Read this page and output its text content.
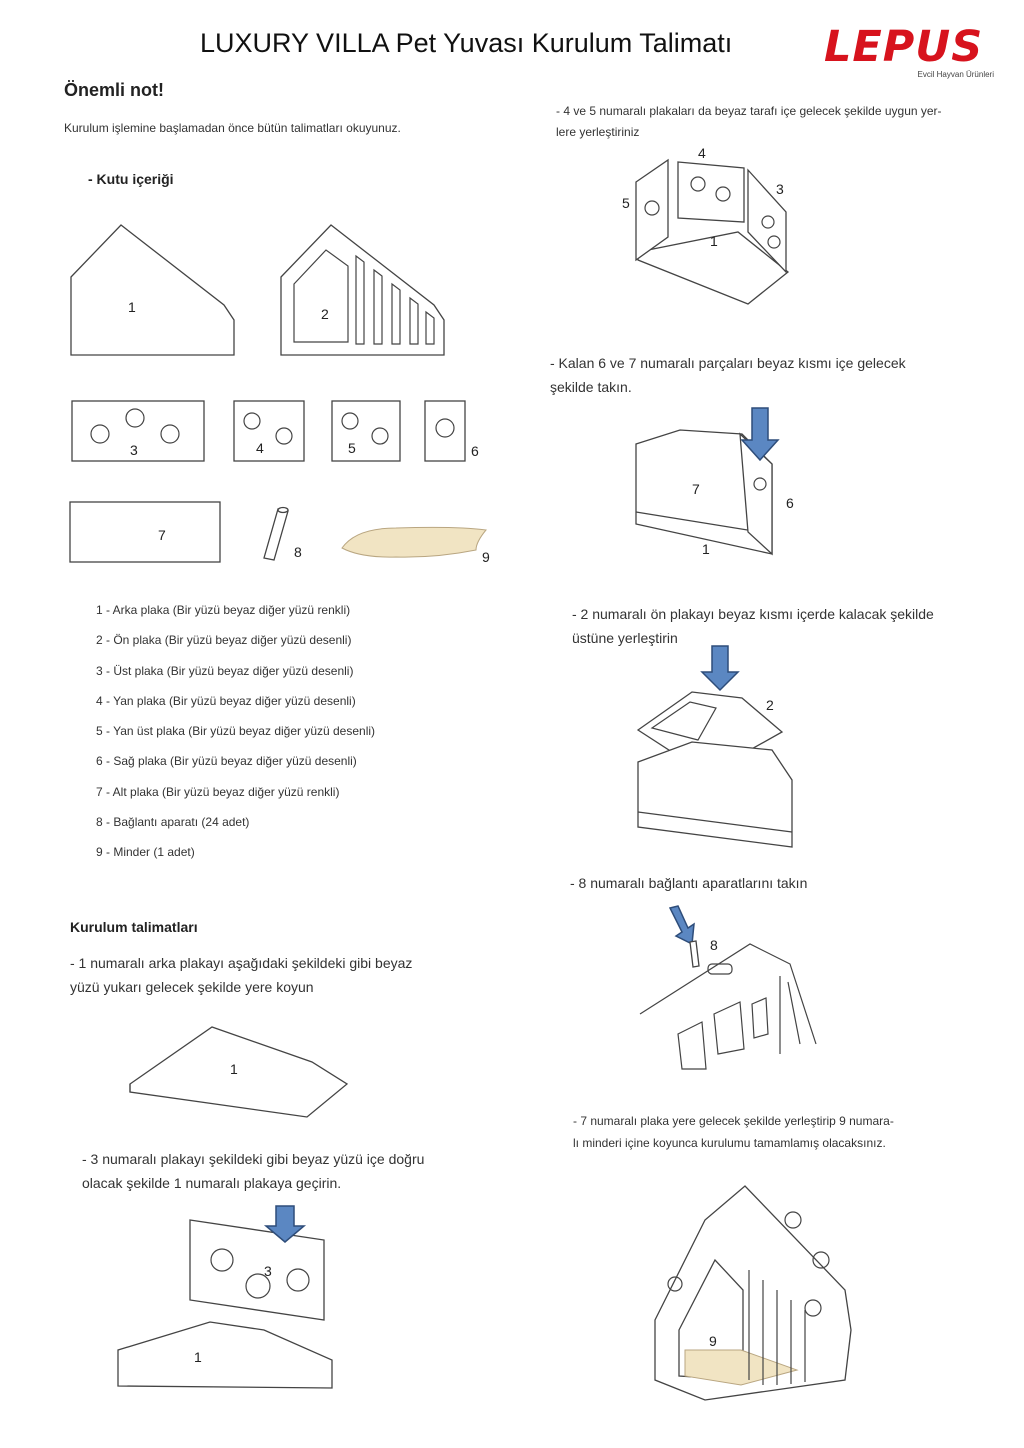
LUXURY VILLA Pet Yuvası Kurulum Talimatı LEPUS
Evcil Hayvan Ürünleri
Önemli not!
Kurulum işlemine başlamadan önce bütün talimatları okuyunuz.
- Kutu içeriği
1	2
3	4	5	6
7
8	9
1 - Arka plaka (Bir yüzü beyaz diğer yüzü renkli)
2 - Ön plaka (Bir yüzü beyaz diğer yüzü desenli)
3 - Üst plaka (Bir yüzü beyaz diğer yüzü desenli)
4 - Yan plaka (Bir yüzü beyaz diğer yüzü desenli)
5 - Yan üst plaka (Bir yüzü beyaz diğer yüzü desenli)
6 - Sağ plaka (Bir yüzü beyaz diğer yüzü desenli)
7 - Alt plaka (Bir yüzü beyaz diğer yüzü renkli)
8 - Bağlantı aparatı (24 adet)
9 - Minder (1 adet)
Kurulum talimatları
- 1 numaralı arka plakayı aşağıdaki şekildeki gibi beyaz
yüzü yukarı gelecek şekilde yere koyun
1
- 3 numaralı plakayı şekildeki gibi beyaz yüzü içe doğru
olacak şekilde 1 numaralı plakaya geçirin.
3
1
- 4 ve 5 numaralı plakaları da beyaz tarafı içe gelecek şekilde uygun yer-
lere yerleştiriniz
4
5
3
1
- Kalan 6 ve 7 numaralı parçaları beyaz kısmı içe gelecek
şekilde takın.
7
6
1
- 2 numaralı ön plakayı beyaz kısmı içerde kalacak şekilde
üstüne yerleştirin
2
- 8 numaralı bağlantı aparatlarını takın
8
- 7 numaralı plaka yere gelecek şekilde yerleştirip 9 numara-
lı minderi içine koyunca kurulumu tamamlamış olacaksınız.
9
